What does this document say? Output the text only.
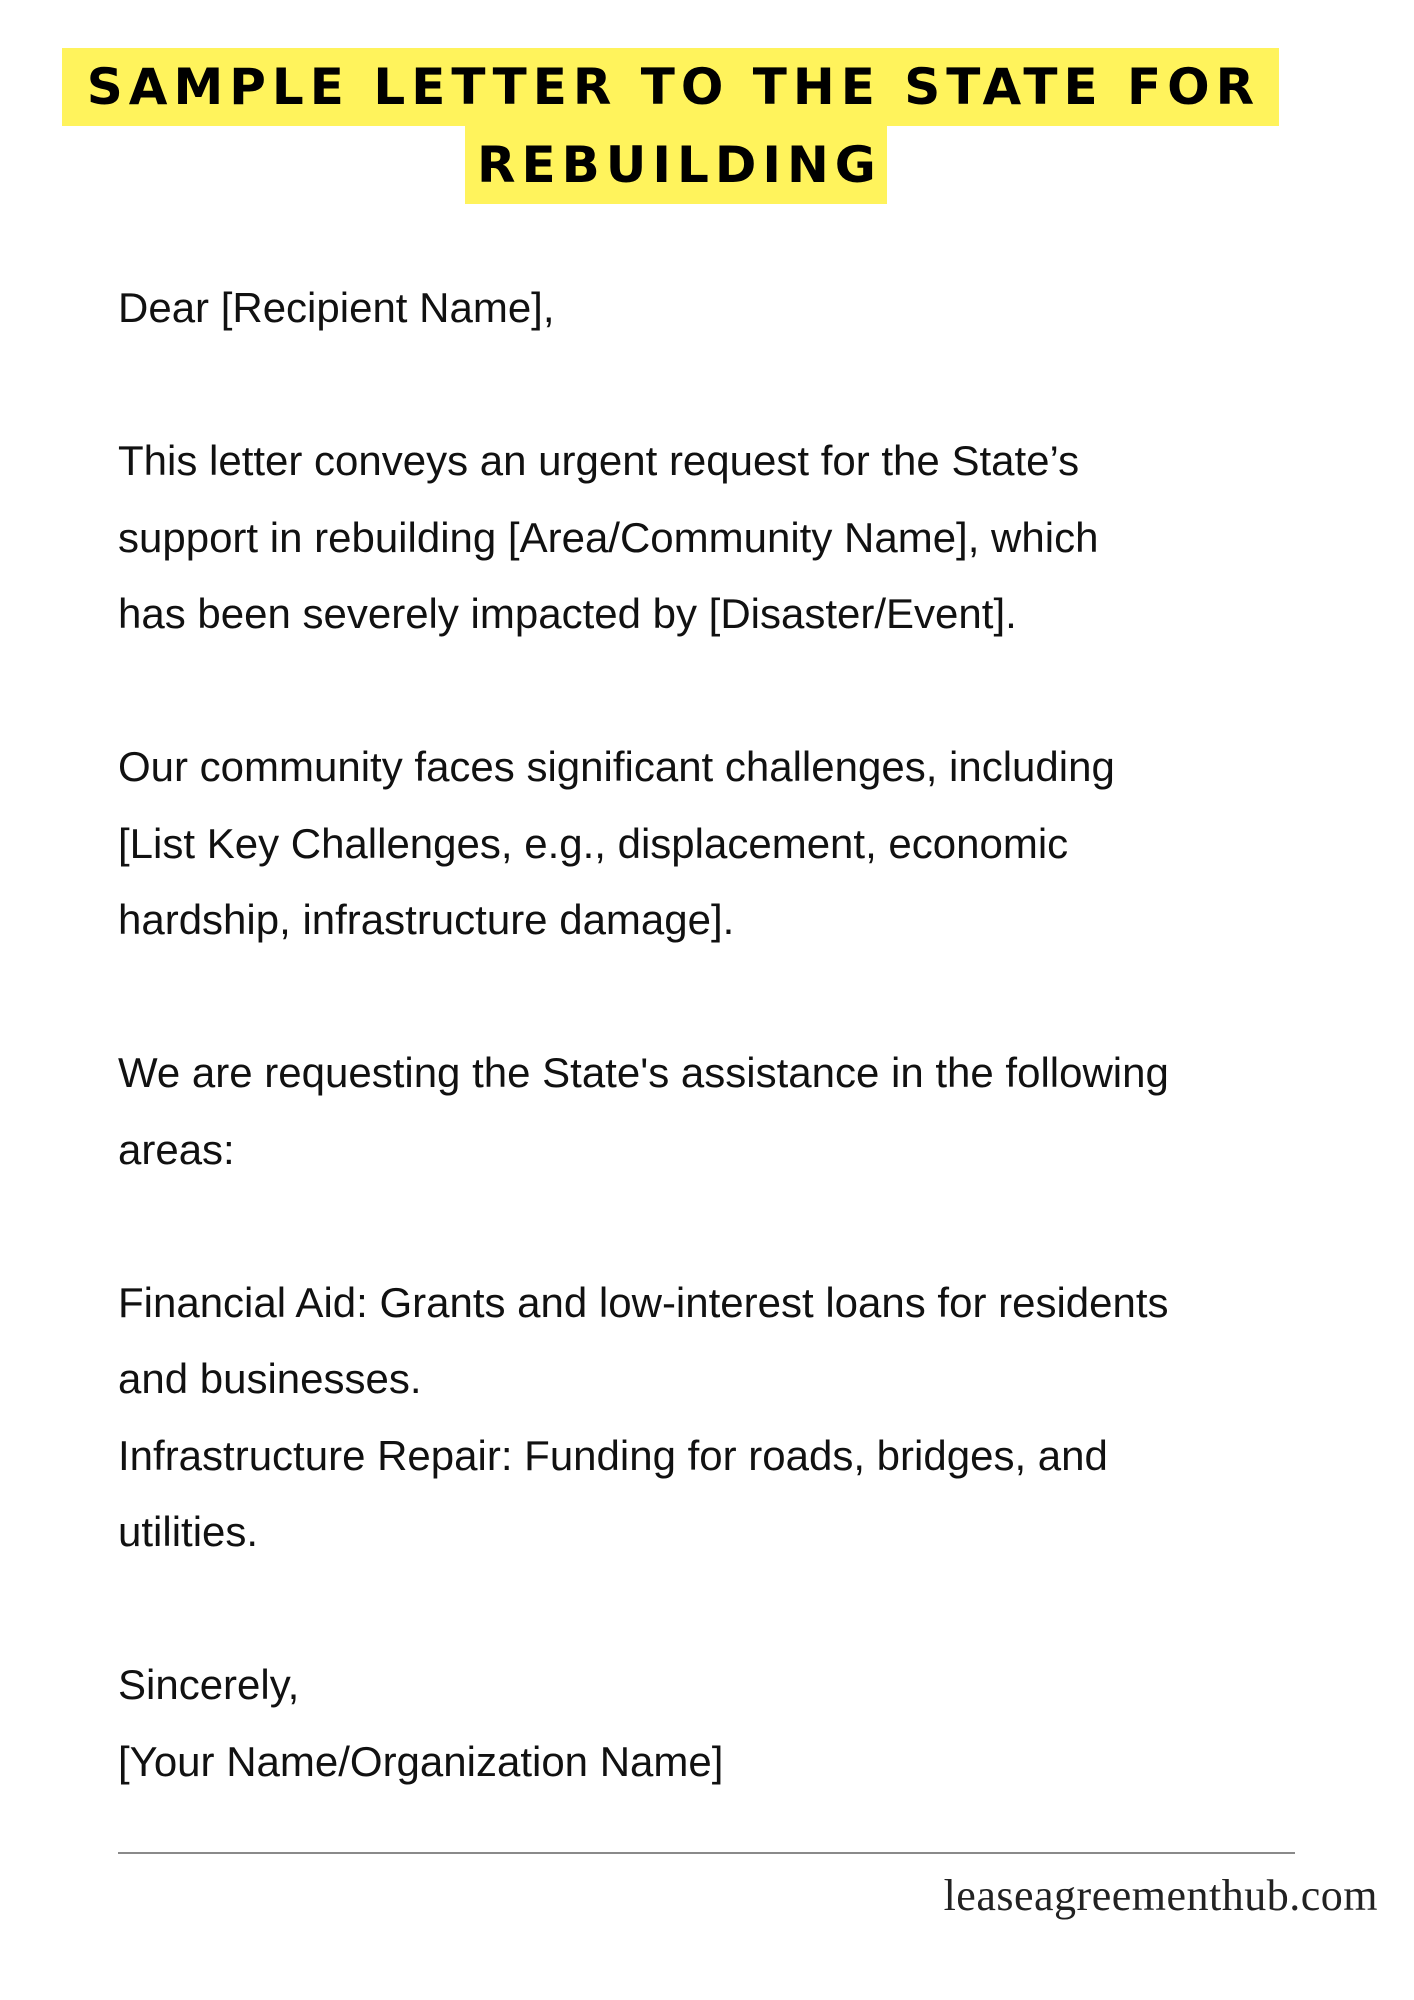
SAMPLE LETTER TO THE STATE FOR
REBUILDING

Dear [Recipient Name],

This letter conveys an urgent request for the State’s

support in rebuilding [Area/Community Name], which

has been severely impacted by [Disaster/Event].

Our community faces significant challenges, including

[List Key Challenges, e.g., displacement, economic

hardship, infrastructure damage].

We are requesting the State's assistance in the following

areas:

Financial Aid: Grants and low-interest loans for residents

and businesses.

Infrastructure Repair: Funding for roads, bridges, and

utilities.

Sincerely,

[Your Name/Organization Name]

leaseagreementhub.com
